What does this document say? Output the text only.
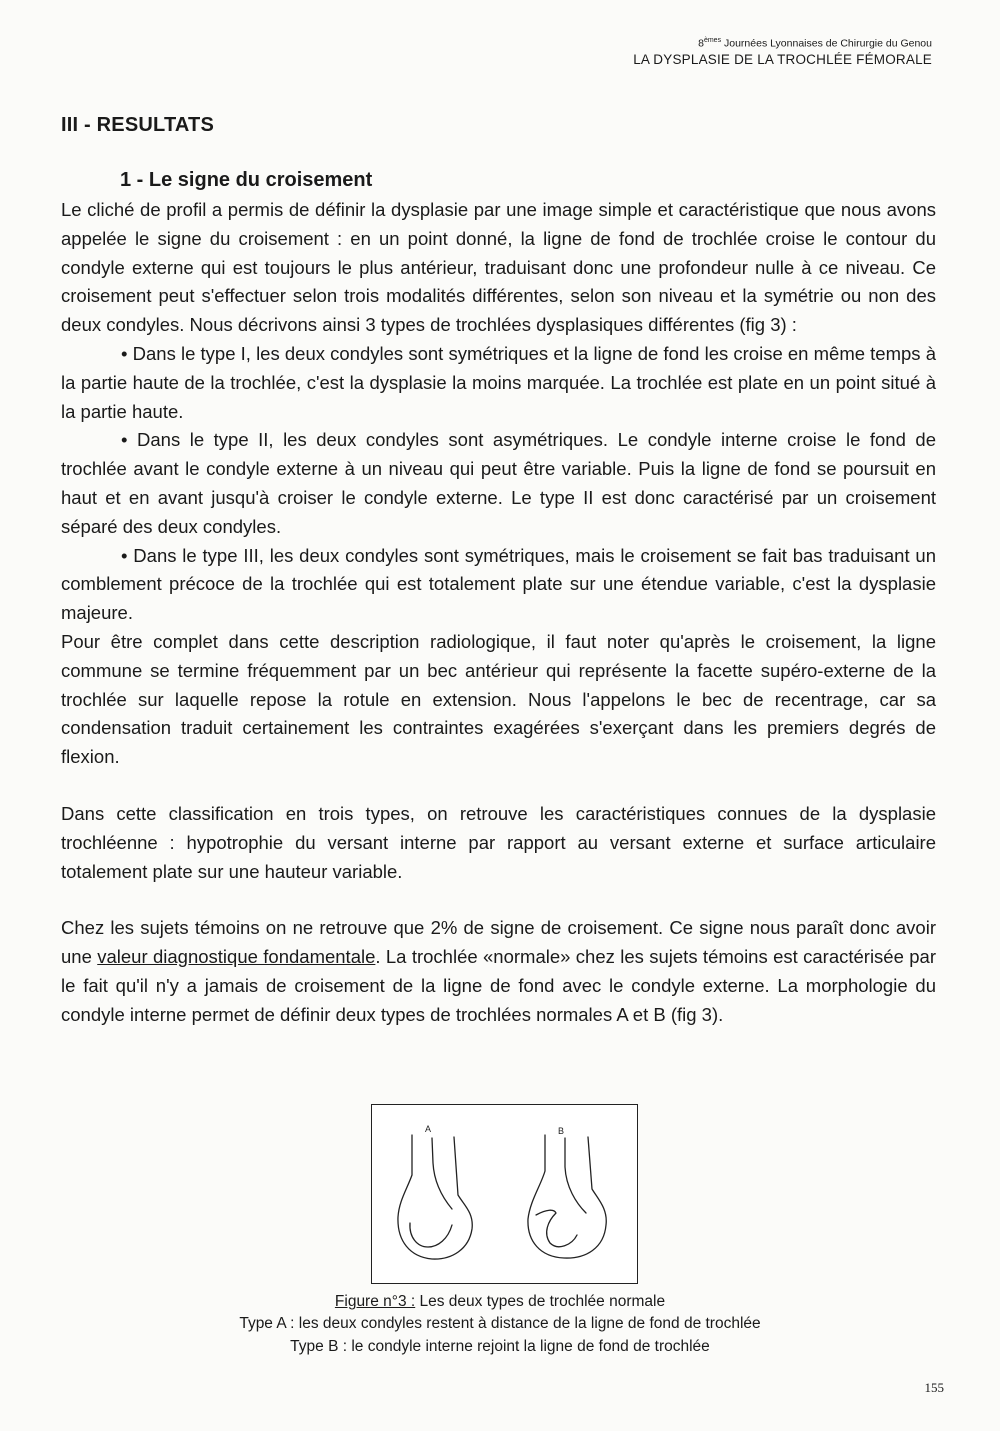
8èmes Journées Lyonnaises de Chirurgie du Genou
LA DYSPLASIE DE LA TROCHLÉE FÉMORALE
III - RESULTATS
1 - Le signe du croisement

Le cliché de profil a permis de définir la dysplasie par une image simple et caractéristique que nous avons appelée le signe du croisement : en un point donné, la ligne de fond de trochlée croise le contour du condyle externe qui est toujours le plus antérieur, traduisant donc une profondeur nulle à ce niveau. Ce croisement peut s'effectuer selon trois modalités différentes, selon son niveau et la symétrie ou non des deux condyles. Nous décrivons ainsi 3 types de trochlées dysplasiques différentes (fig 3) :

• Dans le type I, les deux condyles sont symétriques et la ligne de fond les croise en même temps à la partie haute de la trochlée, c'est la dysplasie la moins marquée. La trochlée est plate en un point situé à la partie haute.

• Dans le type II, les deux condyles sont asymétriques. Le condyle interne croise le fond de trochlée avant le condyle externe à un niveau qui peut être variable. Puis la ligne de fond se poursuit en haut et en avant jusqu'à croiser le condyle externe. Le type II est donc caractérisé par un croisement séparé des deux condyles.

• Dans le type III, les deux condyles sont symétriques, mais le croisement se fait bas traduisant un comblement précoce de la trochlée qui est totalement plate sur une étendue variable, c'est la dysplasie majeure.

Pour être complet dans cette description radiologique, il faut noter qu'après le croisement, la ligne commune se termine fréquemment par un bec antérieur qui représente la facette supéro-externe de la trochlée sur laquelle repose la rotule en extension. Nous l'appelons le bec de recentrage, car sa condensation traduit certainement les contraintes exagérées s'exerçant dans les premiers degrés de flexion.

Dans cette classification en trois types, on retrouve les caractéristiques connues de la dysplasie trochléenne : hypotrophie du versant interne par rapport au versant externe et surface articulaire totalement plate sur une hauteur variable.

Chez les sujets témoins on ne retrouve que 2% de signe de croisement. Ce signe nous paraît donc avoir une valeur diagnostique fondamentale. La trochlée «normale» chez les sujets témoins est caractérisée par le fait qu'il n'y a jamais de croisement de la ligne de fond avec le condyle externe. La morphologie du condyle interne permet de définir deux types de trochlées normales A et B (fig 3).

A	B
Figure n°3 : Les deux types de trochlée normale
Type A : les deux condyles restent à distance de la ligne de fond de trochlée
Type B : le condyle interne rejoint la ligne de fond de trochlée
155
